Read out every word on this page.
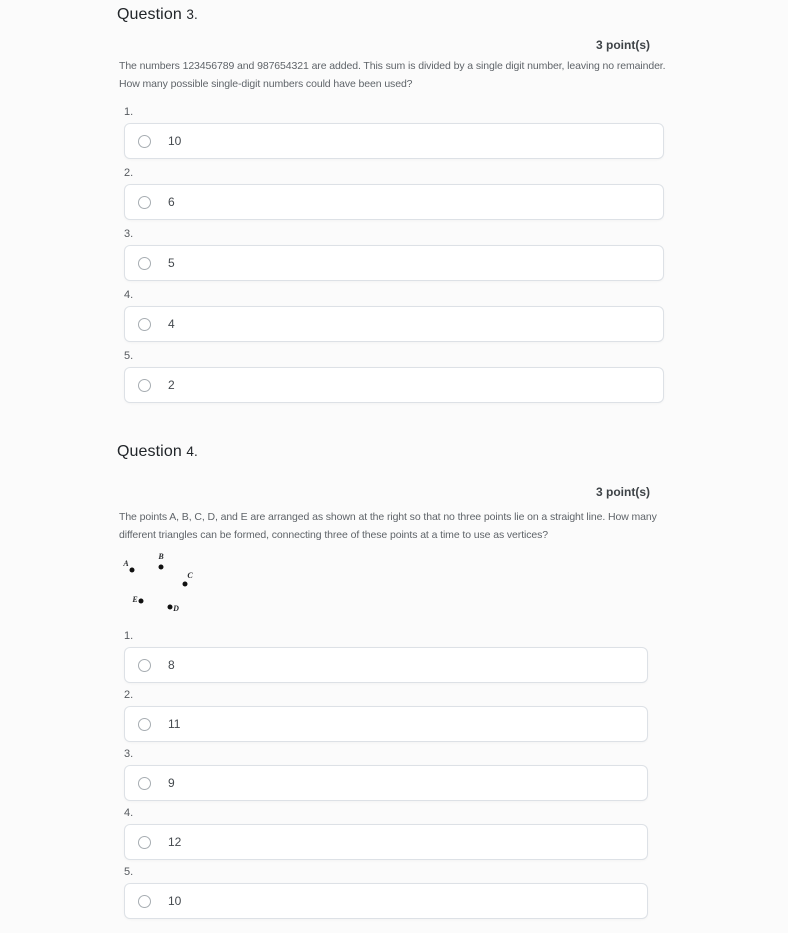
Question 3.
3 point(s)
The numbers 123456789 and 987654321 are added. This sum is divided by a single digit number, leaving no remainder.
How many possible single-digit numbers could have been used?
1.
10
2.
6
3.
5
4.
4
5.
2
Question 4.
3 point(s)
The points A, B, C, D, and E are arranged as shown at the right so that no three points lie on a straight line. How many
different triangles can be formed, connecting three of these points at a time to use as vertices?
A
B
C
E
D
1.
8
2.
11
3.
9
4.
12
5.
10
